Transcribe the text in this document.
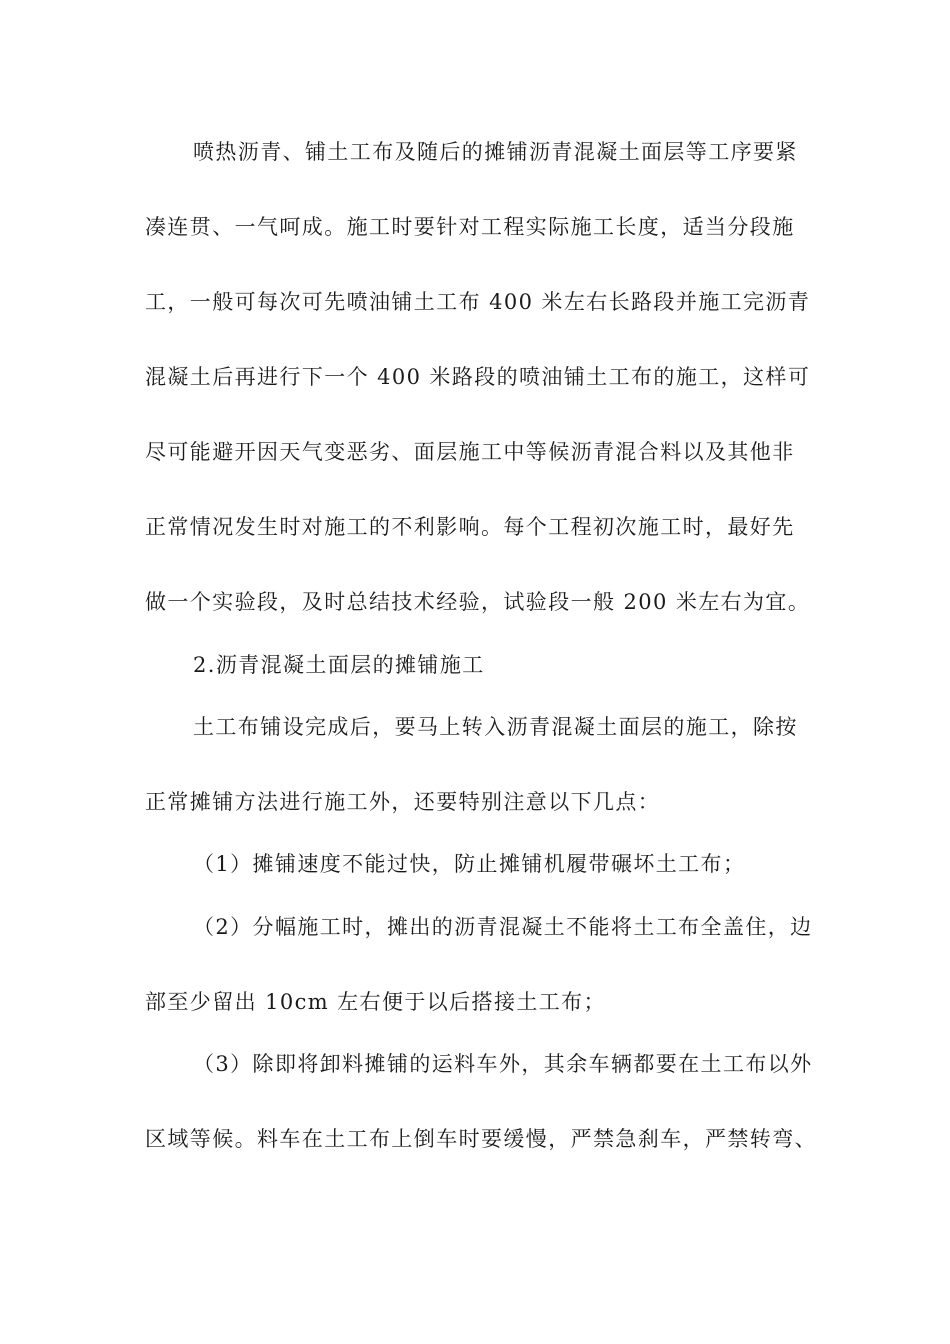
喷热沥青、铺土工布及随后的摊铺沥青混凝土面层等工序要紧
凑连贯、一气呵成。施工时要针对工程实际施工长度，适当分段施
工，一般可每次可先喷油铺土工布 400 米左右长路段并施工完沥青
混凝土后再进行下一个 400 米路段的喷油铺土工布的施工，这样可
尽可能避开因天气变恶劣、面层施工中等候沥青混合料以及其他非
正常情况发生时对施工的不利影响。每个工程初次施工时，最好先
做一个实验段，及时总结技术经验，试验段一般 200 米左右为宜。
2.沥青混凝土面层的摊铺施工
土工布铺设完成后，要马上转入沥青混凝土面层的施工，除按
正常摊铺方法进行施工外，还要特别注意以下几点：
（1）摊铺速度不能过快，防止摊铺机履带碾坏土工布；
（2）分幅施工时，摊出的沥青混凝土不能将土工布全盖住，边
部至少留出 10cm 左右便于以后搭接土工布；
（3）除即将卸料摊铺的运料车外，其余车辆都要在土工布以外
区域等候。料车在土工布上倒车时要缓慢，严禁急刹车，严禁转弯、
